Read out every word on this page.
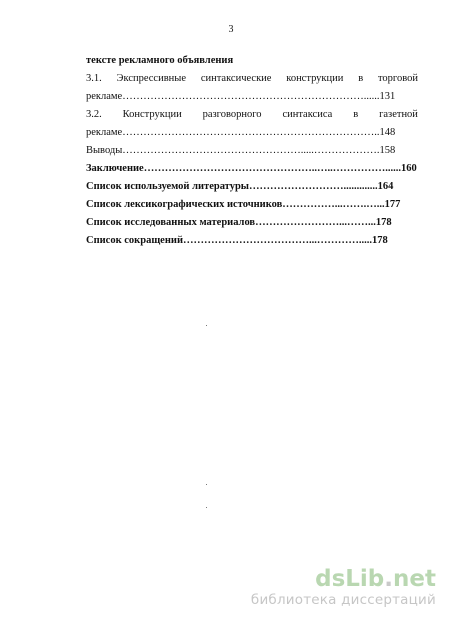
3
тексте рекламного объявления
3.1. Экспрессивные синтаксические конструкции в торговой
рекламе……………………………………………………………......131
3.2. Конструкции разговорного синтаксиса в газетной
рекламе………………………………………………………………..148
Выводы…………………………………………….....……………….158
Заключение…………………………………………..…..……………......160
Список используемой литературы……………………….............164
Список лексикографических источников……………...…….…...177
Список исследованных материалов……………………...……...178
Список сокращений………………………………...………….....178
dsLib.net
библиотека диссертаций
